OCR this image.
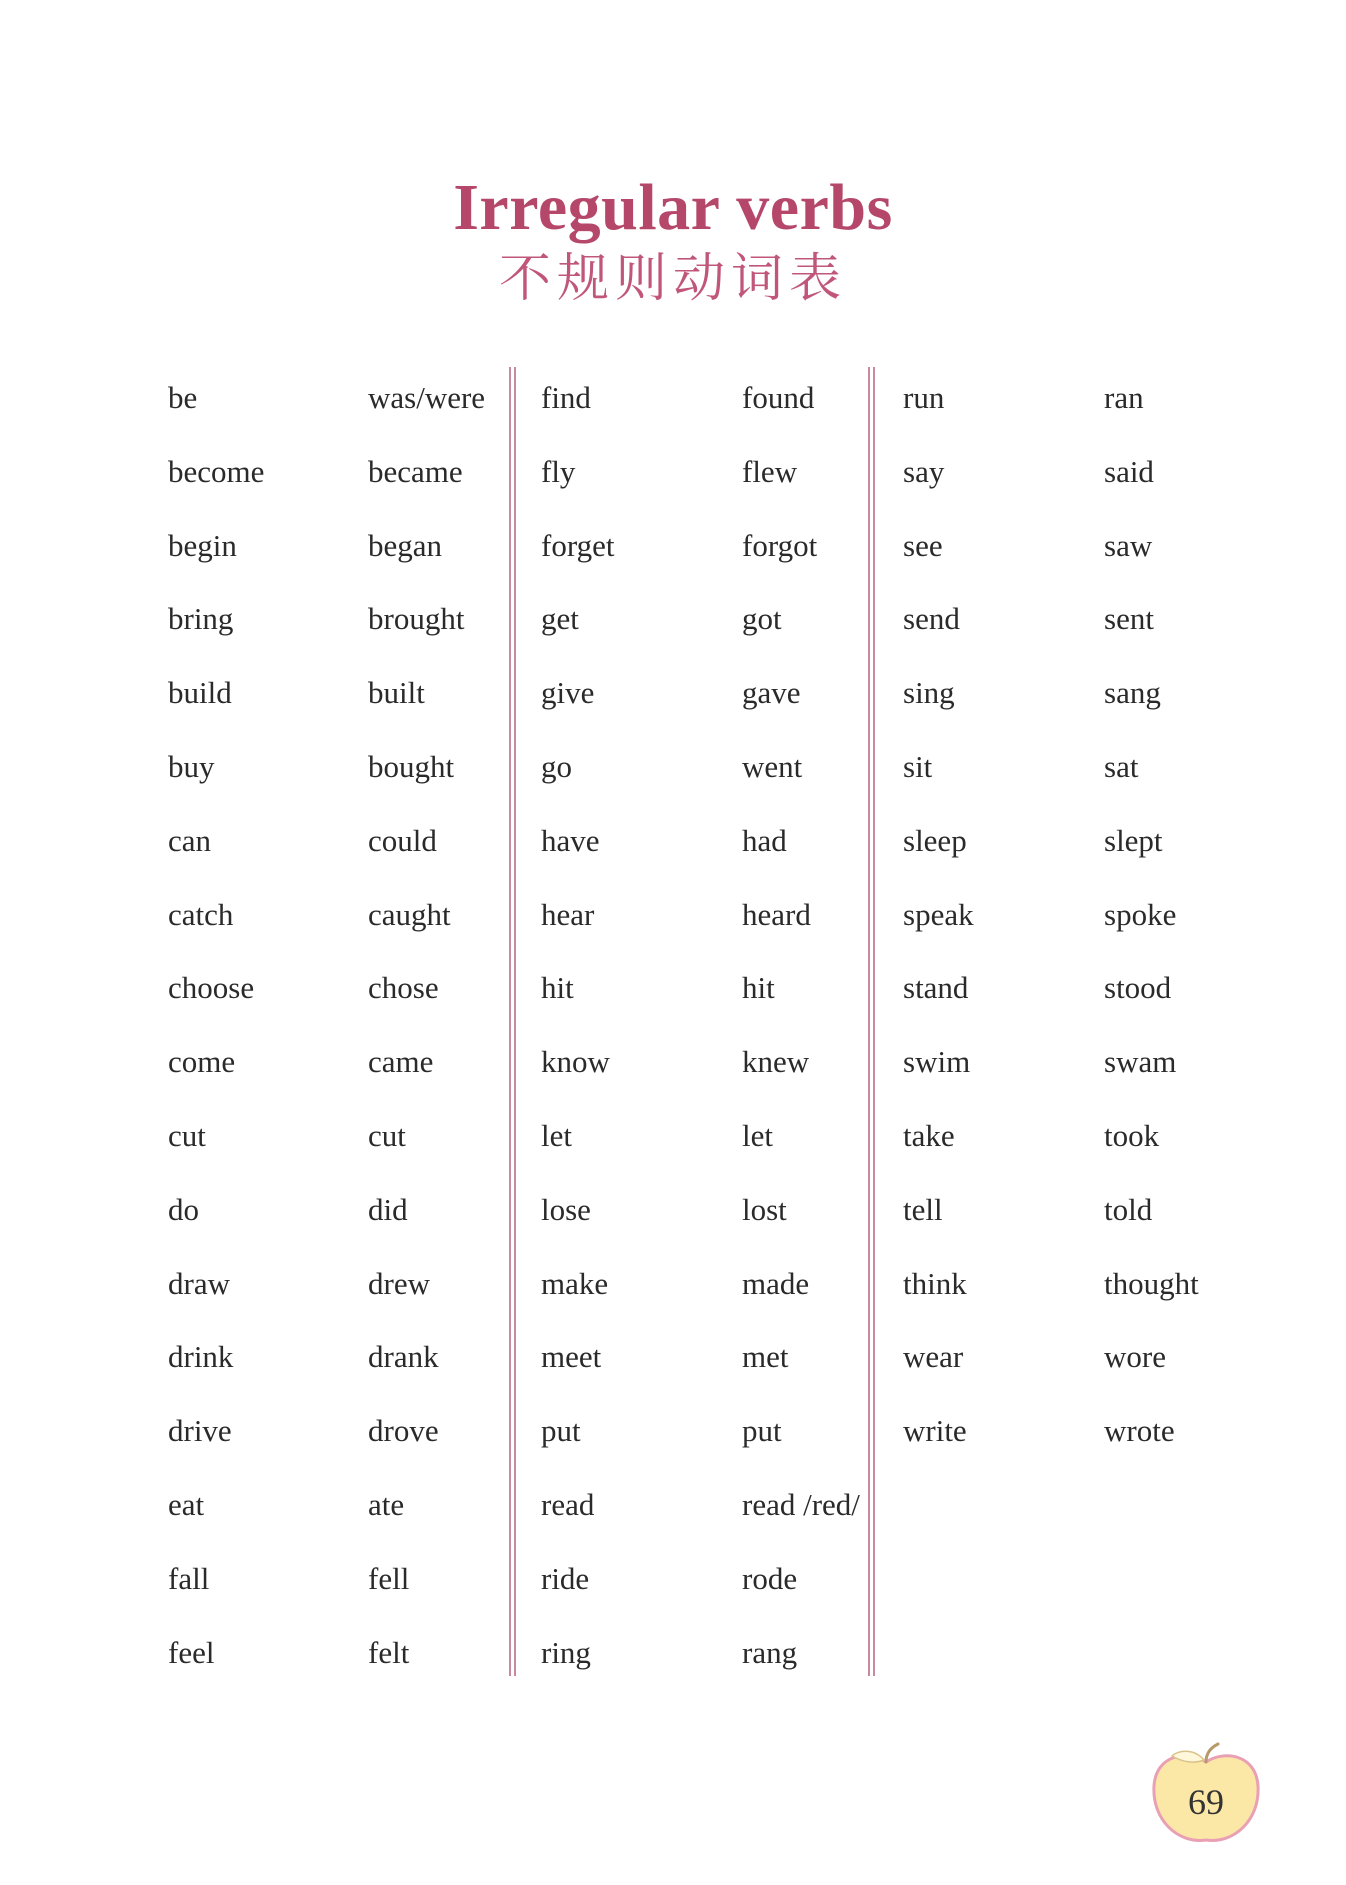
Irregular verbs
不规则动词表
be	was/were
become	became
begin	began
bring	brought
build	built
buy	bought
can	could
catch	caught
choose	chose
come	came
cut	cut
do	did
draw	drew
drink	drank
drive	drove
eat	ate
fall	fell
feel	felt
find	found
fly	flew
forget	forgot
get	got
give	gave
go	went
have	had
hear	heard
hit	hit
know	knew
let	let
lose	lost
make	made
meet	met
put	put
read	read /red/
ride	rode
ring	rang
run	ran
say	said
see	saw
send	sent
sing	sang
sit	sat
sleep	slept
speak	spoke
stand	stood
swim	swam
take	took
tell	told
think	thought
wear	wore
write	wrote
69
